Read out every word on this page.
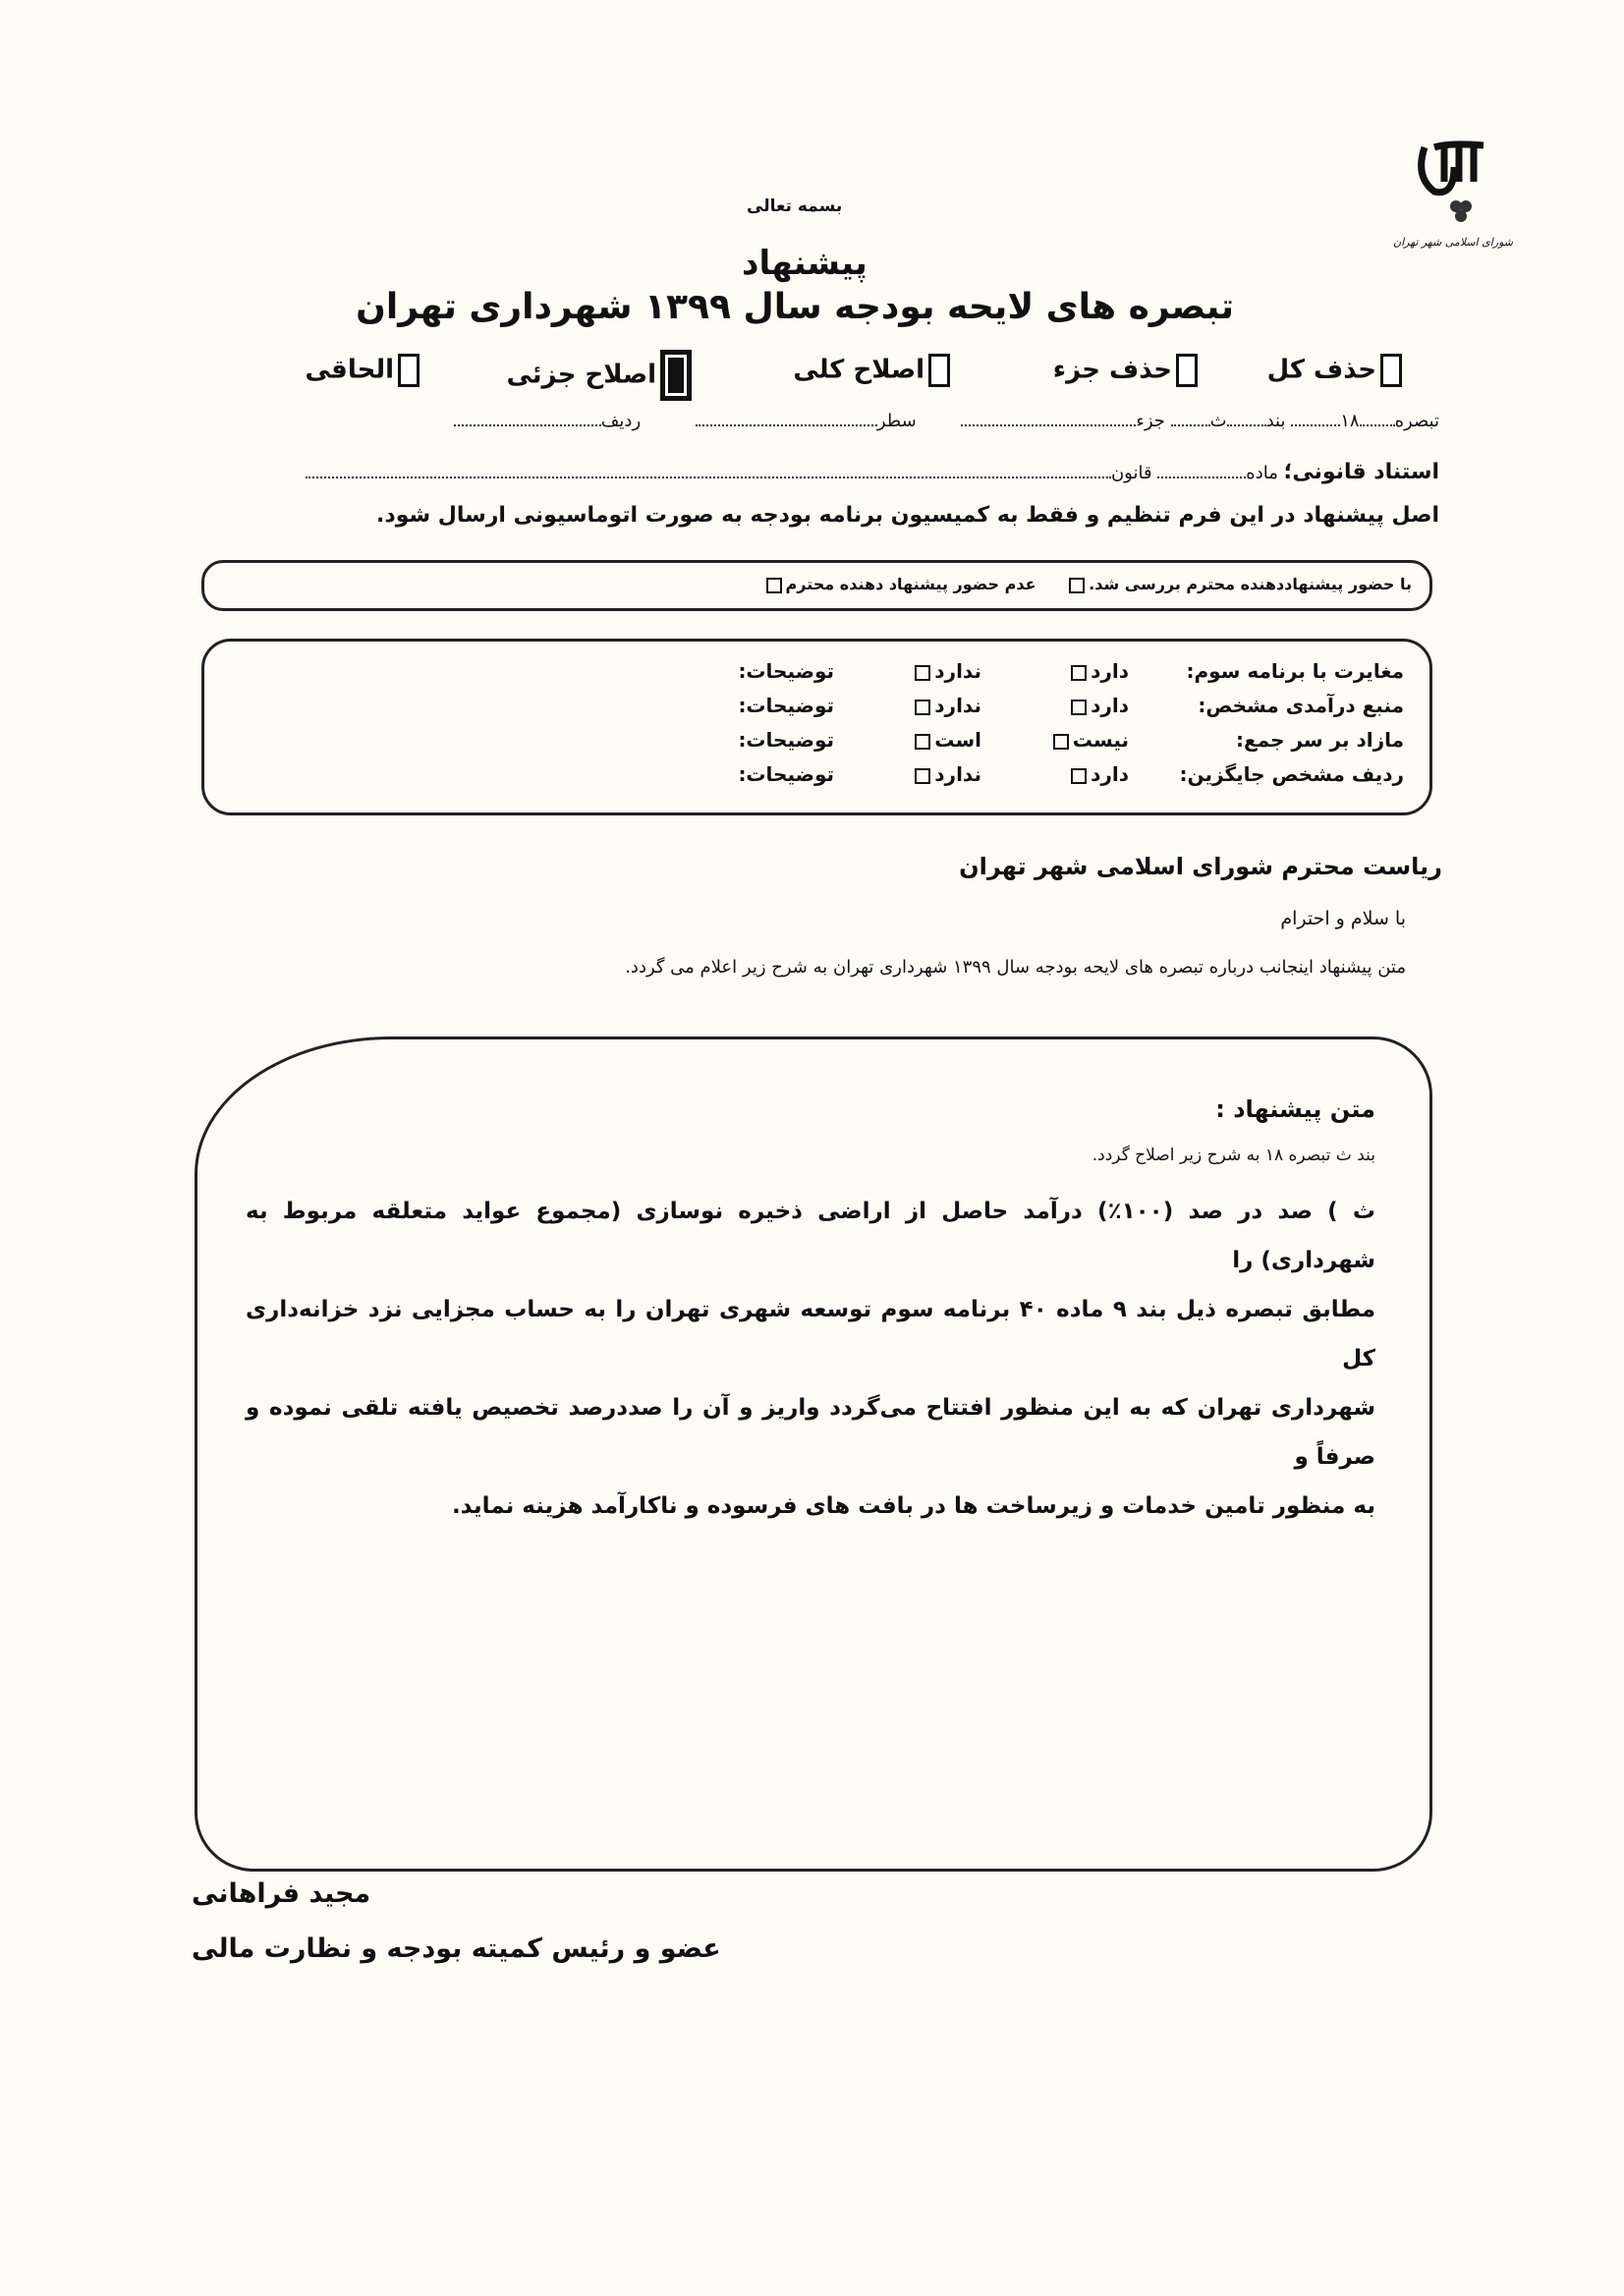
شورای اسلامی شهر تهران
بسمه تعالی
پیشنهاد
تبصره های لایحه بودجه سال ۱۳۹۹ شهرداری تهران
حذف کل
حذف جزء
اصلاح کلی
اصلاح جزئی
الحاقی
تبصره۱۸ بندث جزء سطر ردیف
استناد قانونی؛ ماده قانون
اصل پیشنهاد در این فرم تنظیم و فقط به کمیسیون برنامه بودجه به صورت اتوماسیونی ارسال شود.
با حضور پیشنهاددهنده محترم بررسی شد. عدم حضور پیشنهاد دهنده محترم
مغایرت با برنامه سوم:
دارد
ندارد
توضیحات:
منبع درآمدی مشخص:
دارد
ندارد
توضیحات:
مازاد بر سر جمع:
نیست
است
توضیحات:
ردیف مشخص جایگزین:
دارد
ندارد
توضیحات:
ریاست محترم شورای اسلامی شهر تهران
با سلام و احترام
متن پیشنهاد اینجانب درباره تبصره های لایحه بودجه سال ۱۳۹۹ شهرداری تهران به شرح زیر اعلام می گردد.
متن پیشنهاد :
بند ث تبصره ۱۸ به شرح زیر اصلاح گردد.
ث ) صد در صد (۱۰۰٪) درآمد حاصل از اراضی ذخیره نوسازی (مجموع عواید متعلقه مربوط به شهرداری) را
مطابق تبصره ذیل بند ۹ ماده ۴۰ برنامه سوم توسعه شهری تهران را به حساب مجزایی نزد خزانه‌داری کل
شهرداری تهران که به این منظور افتتاح می‌گردد واریز و آن را صددرصد تخصیص یافته تلقی نموده و صرفاً و
به منظور تامین خدمات و زیرساخت ها در بافت های فرسوده و ناکارآمد هزینه نماید.
مجید فراهانی
عضو و رئیس کمیته بودجه و نظارت مالی
